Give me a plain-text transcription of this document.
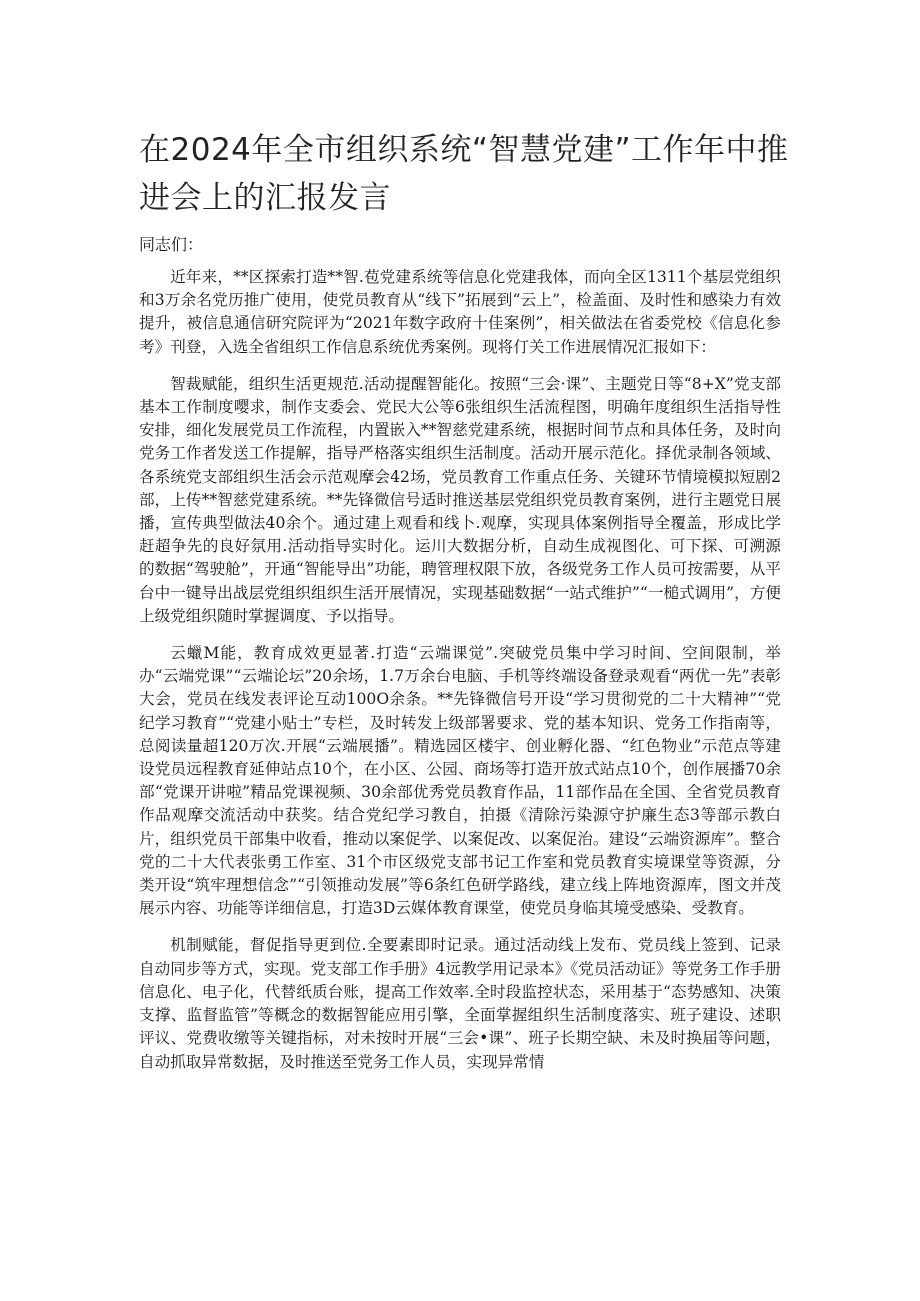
在2024年全市组织系统“智慧党建”工作年中推进会上的汇报发言

同志们：

近年来，**区探索打造**智.苞党建系统等信息化党建我体，而向全区1311个基层党组织和3万余名党历推广使用，使党员教育从“线下”拓展到“云上”，检盖面、及时性和感染力有效提升，被信息通信研究院评为“2021年数字政府十佳案例”，相关做法在省委党校《信息化参考》刊登，入选全省组织工作信息系统优秀案例。现将仃关工作进展情况汇报如下：

智裁赋能，组织生活更规范.活动提醒智能化。按照“三会·课”、主题党日等“8+X”党支部基本工作制度嘤求，制作支委会、党民大公等6张组织生活流程图，明确年度组织生活指导性安排，细化发展党员工作流程，内置嵌入**智慈党建系统，根据时间节点和具体任务，及时向党务工作者发送工作提解，指导严格落实组织生活制度。活动开展示范化。择优录制各领域、各系统党支部组织生活会示范观摩会42场，党员教育工作重点任务、关键环节情境模拟短剧2部，上传**智慈党建系统。**先锋微信号适时推送基层党组织党员教育案例，进行主题党日展播，宣传典型做法40余个。通过建上观看和线卜.观摩，实现具体案例指导全覆盖，形成比学赶超争先的良好氛用.活动指导实时化。运川大数据分析，自动生成视图化、可下探、可溯源的数据“驾驶舱”，开通“智能导出”功能，聘管理权限下放，各级党务工作人员可按需要，从平台中一键导出战层党组织组织生活开展情况，实现基础数据“一站式维护”“一槌式调用”，方便上级党组织随时掌握调度、予以指导。

云蠟M能，教育成效更显著.打造“云端课觉”.突破党员集中学习时间、空间限制，举办“云端党课”“云端论坛”20余场，1.7万余台电脑、手机等终端设备登录观看“两优一先”表彰大会，党员在线发表评论互动100O余条。**先锋微信号开设“学习贯彻党的二十大精神”“党纪学习教育”“党建小贴士”专栏，及时转发上级部署要求、党的基本知识、党务工作指南等，总阅读量超120万次.开展“云端展播”。精选园区楼宇、创业孵化器、“红色物业”示范点等建设党员远程教育延伸站点10个，在小区、公园、商场等打造开放式站点10个，创作展播70余部“党课开讲啦”精品党课视频、30余部优秀党员教育作品，11部作品在全国、全省党员教育作品观摩交流活动中获奖。结合党纪学习教自，拍摄《清除污染源守护廉生态3等部示教白片，组织党员干部集中收看，推动以案促学、以案促改、以案促治。建设“云端资源库”。整合党的二十大代表张勇工作室、31个市区级党支部书记工作室和党员教育实境课堂等资源，分类开设“筑牢理想信念”“引领推动发展”等6条红色研学路线，建立线上阵地资源库，图文并茂展示内容、功能等详细信息，打造3D云媒体教育课堂，使党员身临其境受感染、受教育。

机制赋能，督促指导更到位.全要素即时记录。通过活动线上发布、党员线上签到、记录自动同步等方式，实现。党支部工作手册》4远教学用记录本》《党员活动证》等党务工作手册信息化、电子化，代替纸质台账，提高工作效率.全时段监控状态，采用基于“态势感知、决策支撑、监督监管”等概念的数据智能应用引擎，全面掌握组织生活制度落实、班子建设、述职评议、党费收缴等关键指标，对未按时开展“三会•课”、班子长期空缺、未及时换届等问题，自动抓取异常数据，及时推送至党务工作人员，实现异常情
